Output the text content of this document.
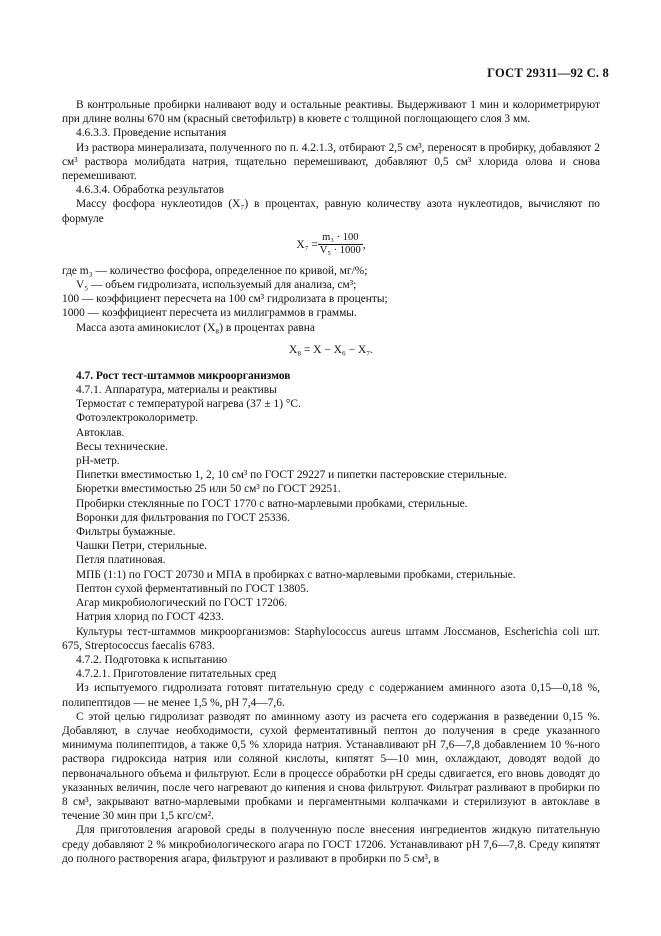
ГОСТ 29311—92 С. 8

В контрольные пробирки наливают воду и остальные реактивы. Выдерживают 1 мин и колориметрируют при длине волны 670 нм (красный светофильтр) в кювете с толщиной поглощающего слоя 3 мм.

4.6.3.3. Проведение испытания

Из раствора минерализата, полученного по п. 4.2.1.3, отбирают 2,5 см³, переносят в пробирку, добавляют 2 см³ раствора молибдата натрия, тщательно перемешивают, добавляют 0,5 см³ хлорида олова и снова перемешивают.

4.6.3.4. Обработка результатов

Массу фосфора нуклеотидов (X₇) в процентах, равную количеству азота нуклеотидов, вычисляют по формуле

$X_7 = \frac{\text{m₃ · 100}}{\text{V₅ · 1000}}$ ,

где m₃ — количество фосфора, определенное по кривой, мг/%;

V₅ — объем гидролизата, используемый для анализа, см³;

100 — коэффициент пересчета на 100 см³ гидролизата в проценты;

1000 — коэффициент пересчета из миллиграммов в граммы.

Масса азота аминокислот (X₈) в процентах равна

X₈ = X − X₆ − X₇.

4.7. Рост тест-штаммов микроорганизмов

4.7.1. Аппаратура, материалы и реактивы

Термостат с температурой нагрева (37 ± 1) °С.

Фотоэлектроколориметр.

Автоклав.

Весы технические.

pH-метр.

Пипетки вместимостью 1, 2, 10 см³ по ГОСТ 29227 и пипетки пастеровские стерильные.

Бюретки вместимостью 25 или 50 см³ по ГОСТ 29251.

Пробирки стеклянные по ГОСТ 1770 с ватно-марлевыми пробками, стерильные.

Воронки для фильтрования по ГОСТ 25336.

Фильтры бумажные.

Чашки Петри, стерильные.

Петля платиновая.

МПБ (1:1) по ГОСТ 20730 и МПА в пробирках с ватно-марлевыми пробками, стерильные.

Пептон сухой ферментативный по ГОСТ 13805.

Агар микробиологический по ГОСТ 17206.

Натрия хлорид по ГОСТ 4233.

Культуры тест-штаммов микроорганизмов: Staphylococcus aureus штамм Лоссманов, Escherichia coli шт. 675, Streptococcus faecalis 6783.

4.7.2. Подготовка к испытанию

4.7.2.1. Приготовление питательных сред

Из испытуемого гидролизата готовят питательную среду с содержанием аминного азота 0,15—0,18 %, полипептидов — не менее 1,5 %, pH 7,4—7,6.

С этой целью гидролизат разводят по аминному азоту из расчета его содержания в разведении 0,15 %. Добавляют, в случае необходимости, сухой ферментативный пептон до получения в среде указанного минимума полипептидов, а также 0,5 % хлорида натрия. Устанавливают pH 7,6—7,8 добавлением 10 %-ного раствора гидроксида натрия или соляной кислоты, кипятят 5—10 мин, охлаждают, доводят водой до первоначального объема и фильтруют. Если в процессе обработки pH среды сдвигается, его вновь доводят до указанных величин, после чего нагревают до кипения и снова фильтруют. Фильтрат разливают в пробирки по 8 см³, закрывают ватно-марлевыми пробками и пергаментными колпачками и стерилизуют в автоклаве в течение 30 мин при 1,5 кгс/см².

Для приготовления агаровой среды в полученную после внесения ингредиентов жидкую питательную среду добавляют 2 % микробиологического агара по ГОСТ 17206. Устанавливают pH 7,6—7,8. Среду кипятят до полного растворения агара, фильтруют и разливают в пробирки по 5 см³, в
